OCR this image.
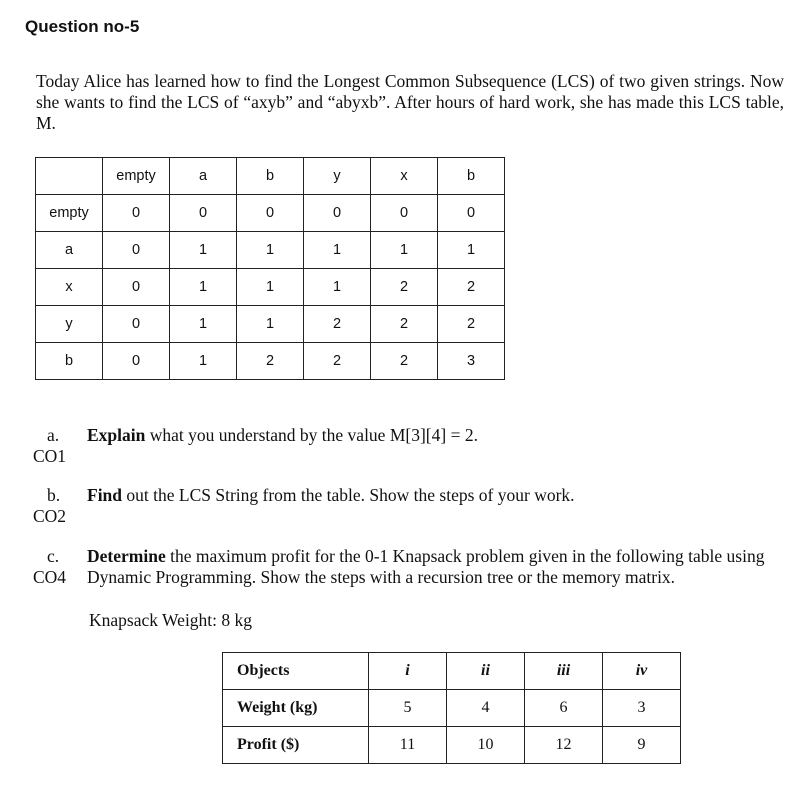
Question no-5
Today Alice has learned how to find the Longest Common Subsequence (LCS) of two given strings. Now she wants to find the LCS of “axyb” and “abyxb”. After hours of hard work, she has made this LCS table, M.
	empty	a	b	y	x	b
empty	0	0	0	0	0	0
a	0	1	1	1	1	1
x	0	1	1	1	2	2
y	0	1	1	2	2	2
b	0	1	2	2	2	3
a.
CO1
Explain what you understand by the value M[3][4] = 2.
b.
CO2
Find out the LCS String from the table. Show the steps of your work.
c.
CO4
Determine the maximum profit for the 0-1 Knapsack problem given in the following table using Dynamic Programming. Show the steps with a recursion tree or the memory matrix.
Knapsack Weight: 8 kg
Objects	i	ii	iii	iv
Weight (kg)	5	4	6	3
Profit ($)	11	10	12	9
